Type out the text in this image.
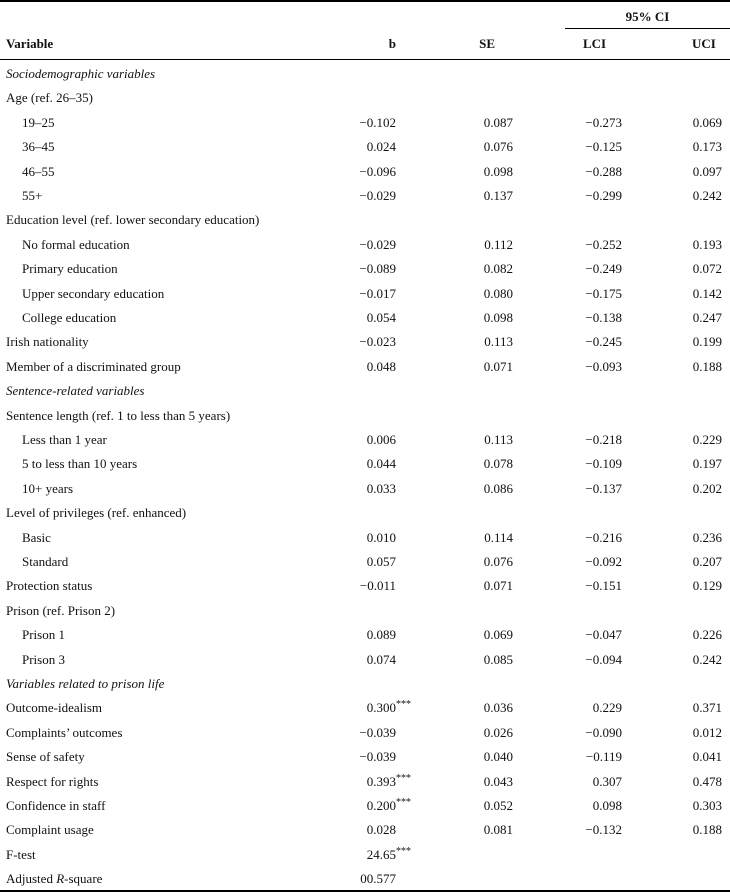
95% CI
Variable	b	SE	LCI	UCI
Sociodemographic variables
Age (ref. 26–35)
19–25	−0.102	0.087	−0.273	0.069
36–45	0.024	0.076	−0.125	0.173
46–55	−0.096	0.098	−0.288	0.097
55+	−0.029	0.137	−0.299	0.242
Education level (ref. lower secondary education)
No formal education	−0.029	0.112	−0.252	0.193
Primary education	−0.089	0.082	−0.249	0.072
Upper secondary education	−0.017	0.080	−0.175	0.142
College education	0.054	0.098	−0.138	0.247
Irish nationality	−0.023	0.113	−0.245	0.199
Member of a discriminated group	0.048	0.071	−0.093	0.188
Sentence-related variables
Sentence length (ref. 1 to less than 5 years)
Less than 1 year	0.006	0.113	−0.218	0.229
5 to less than 10 years	0.044	0.078	−0.109	0.197
10+ years	0.033	0.086	−0.137	0.202
Level of privileges (ref. enhanced)
Basic	0.010	0.114	−0.216	0.236
Standard	0.057	0.076	−0.092	0.207
Protection status	−0.011	0.071	−0.151	0.129
Prison (ref. Prison 2)
Prison 1	0.089	0.069	−0.047	0.226
Prison 3	0.074	0.085	−0.094	0.242
Variables related to prison life
Outcome-idealism	0.300 ***	0.036	0.229	0.371
Complaints’ outcomes	−0.039	0.026	−0.090	0.012
Sense of safety	−0.039	0.040	−0.119	0.041
Respect for rights	0.393 ***	0.043	0.307	0.478
Confidence in staff	0.200 ***	0.052	0.098	0.303
Complaint usage	0.028	0.081	−0.132	0.188
F-test	24.65 ***
Adjusted R-square	00.577
